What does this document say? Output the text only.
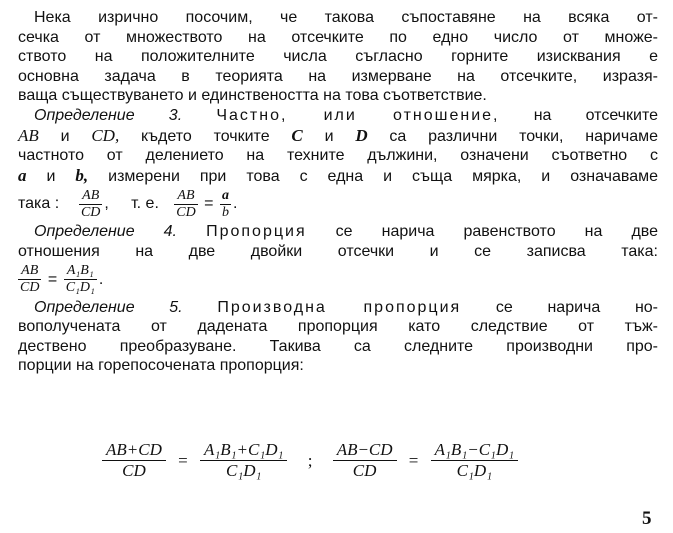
Нека изрично посочим, че такова съпоставяне на всяка от-
сечка от множеството на отсечките по едно число от множе-
ството на положителните числа съгласно горните изисквания е
основна задача в теорията на измерване на отсечките, изразя-
ваща съществуването и единствеността на това съответствие.
Определение 3. Частно, или отношение, на отсечките
AB и CD, където точките C и D са различни точки, наричаме
частното от делението на техните дължини, означени съответно с
a и b, измерени при това с една и съща мярка, и означаваме
така : $\frac{AB}{CD}$ , т. е. $\frac{AB}{CD} = \frac{a}{b}$ .
Определение 4. Пропорция се нарича равенството на две
отношения на две двойки отсечки и се записва така:
$\frac{AB}{CD} = \frac{\text{A₁B₁}}{\text{C₁D₁}}$ .
Определение 5. Производна пропорция се нарича но-
вополучената от дадената пропорция като следствие от тъж-
дествено преобразуване. Такива са следните производни про-
порции на горепосочената пропорция:
$\frac{AB+CD}{CD} = \frac{\text{A₁B₁+C₁D₁}}{\text{C₁D₁}}$ ; $\frac{AB-CD}{CD} = \frac{\text{A₁B₁−C₁D₁}}{\text{C₁D₁}}$
5
